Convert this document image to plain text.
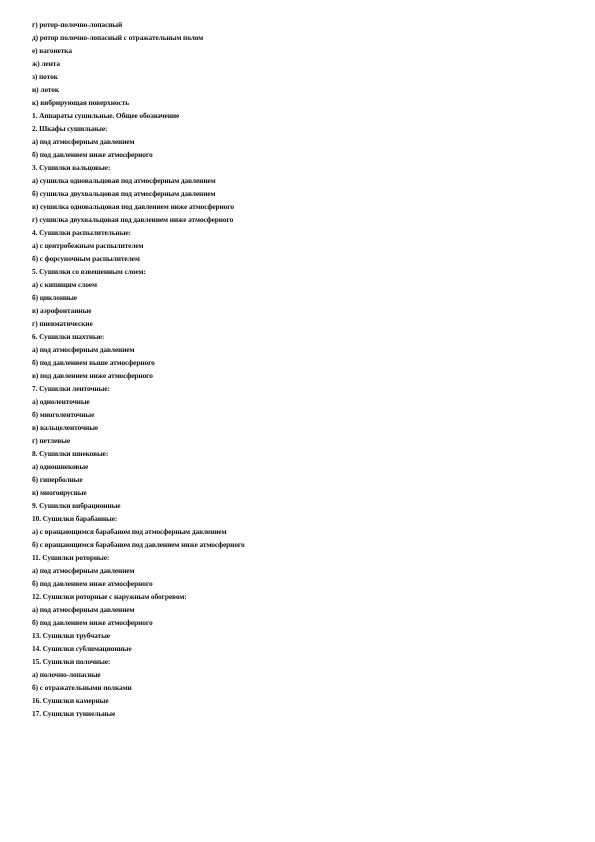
г) ротор-полочно-лопасный
д) ротор полочно-лопасный с отражательным полом
е) вагонетка
ж) лента
з) поток
и) лоток
к) вибрирующая поверхность
1. Аппараты сушильные. Общее обозначение
2. Шкафы сушильные:
а) под атмосферным давлением
б) под давлением ниже атмосферного
3. Сушилки вальцовые:
а) сушилка одновальцовая под атмосферным давлением
б) сушилка двухвальцовая под атмосферным давлением
в) сушилка одновальцовая под давлением ниже атмосферного
г) сушилка двухвальцовая под давлением ниже атмосферного
4. Сушилки распылительные:
а) с центробежным распылителем
б) с форсуночным распылителем
5. Сушилки со взвешенным слоем:
а) с кипящим слоем
б) циклонные
в) аэрофонтанные
г) пневматические
6. Сушилки шахтные:
а) под атмосферным давлением
б) под давлением выше атмосферного
в) под давлением ниже атмосферного
7. Сушилки ленточные:
а) одноленточные
б) многоленточные
в) вальцеленточные
г) петлевые
8. Сушилки шнековые:
а) одношнековые
б) гиперболные
в) многоярусные
9. Сушилки вибрационные
10. Сушилки барабанные:
а) с вращающимся барабаном под атмосферным давлением
б) с вращающимся барабаном под давлением ниже атмосферного
11. Сушилки роторные:
а) под атмосферным давлением
б) под давлением ниже атмосферного
12. Сушилки роторные с наружным обогревом:
а) под атмосферным давлением
б) под давлением ниже атмосферного
13. Сушилки трубчатые
14. Сушилки сублимационные
15. Сушилки полочные:
а) полочно-лопасные
б) с отражательными полками
16. Сушилки камерные
17. Сушилки туннельные
